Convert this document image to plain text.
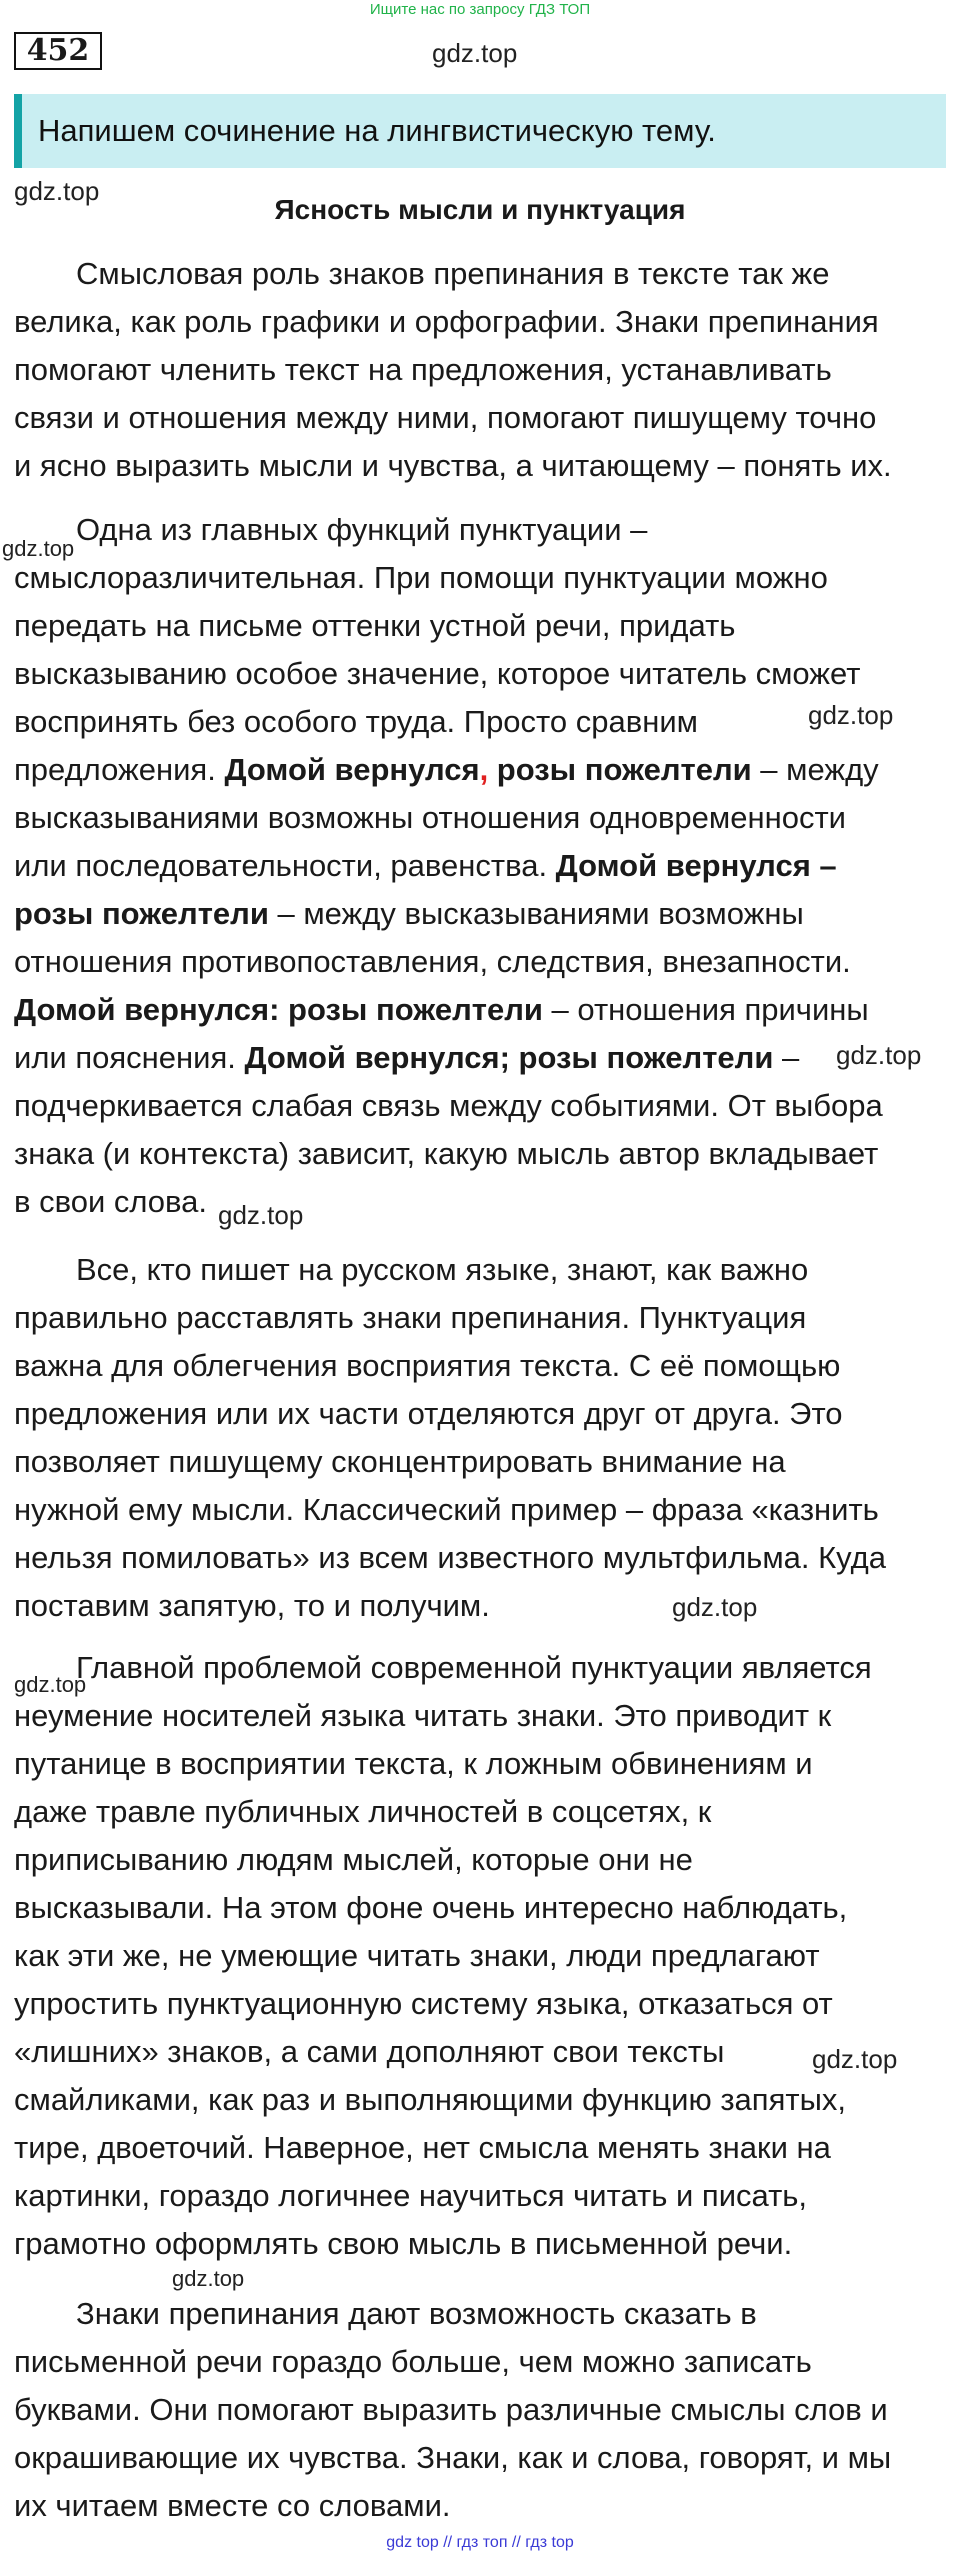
Ищите нас по запросу ГДЗ ТОП
452	gdz.top
Напишем сочинение на лингвистическую тему.
gdz.top
Ясность мысли и пунктуация
Смысловая роль знаков препинания в тексте так же
велика, как роль графики и орфографии. Знаки препинания
помогают членить текст на предложения, устанавливать
связи и отношения между ними, помогают пишущему точно
и ясно выразить мысли и чувства, а читающему – понять их.
gdz.top
Одна из главных функций пунктуации –
смыслоразличительная. При помощи пунктуации можно
передать на письме оттенки устной речи, придать
высказыванию особое значение, которое читатель сможет
воспринять без особого труда. Просто сравним
предложения. Домой вернулся, розы пожелтели – между
высказываниями возможны отношения одновременности
или последовательности, равенства. Домой вернулся –
розы пожелтели – между высказываниями возможны
отношения противопоставления, следствия, внезапности.
Домой вернулся: розы пожелтели – отношения причины
или пояснения. Домой вернулся; розы пожелтели –
подчеркивается слабая связь между событиями. От выбора
знака (и контекста) зависит, какую мысль автор вкладывает
в свои слова.
gdz.top
gdz.top
gdz.top
Все, кто пишет на русском языке, знают, как важно
правильно расставлять знаки препинания. Пунктуация
важна для облегчения восприятия текста. С её помощью
предложения или их части отделяются друг от друга. Это
позволяет пишущему сконцентрировать внимание на
нужной ему мысли. Классический пример – фраза «казнить
нельзя помиловать» из всем известного мультфильма. Куда
поставим запятую, то и получим.	gdz.top
gdz.top
Главной проблемой современной пунктуации является
неумение носителей языка читать знаки. Это приводит к
путанице в восприятии текста, к ложным обвинениям и
даже травле публичных личностей в соцсетях, к
приписыванию людям мыслей, которые они не
высказывали. На этом фоне очень интересно наблюдать,
как эти же, не умеющие читать знаки, люди предлагают
упростить пунктуационную систему языка, отказаться от
«лишних» знаков, а сами дополняют свои тексты
смайликами, как раз и выполняющими функцию запятых,
тире, двоеточий. Наверное, нет смысла менять знаки на
картинки, гораздо логичнее научиться читать и писать,
грамотно оформлять свою мысль в письменной речи.
gdz.top
gdz.top
Знаки препинания дают возможность сказать в
письменной речи гораздо больше, чем можно записать
буквами. Они помогают выразить различные смыслы слов и
окрашивающие их чувства. Знаки, как и слова, говорят, и мы
их читаем вместе со словами.
gdz top // гдз топ // гдз top
